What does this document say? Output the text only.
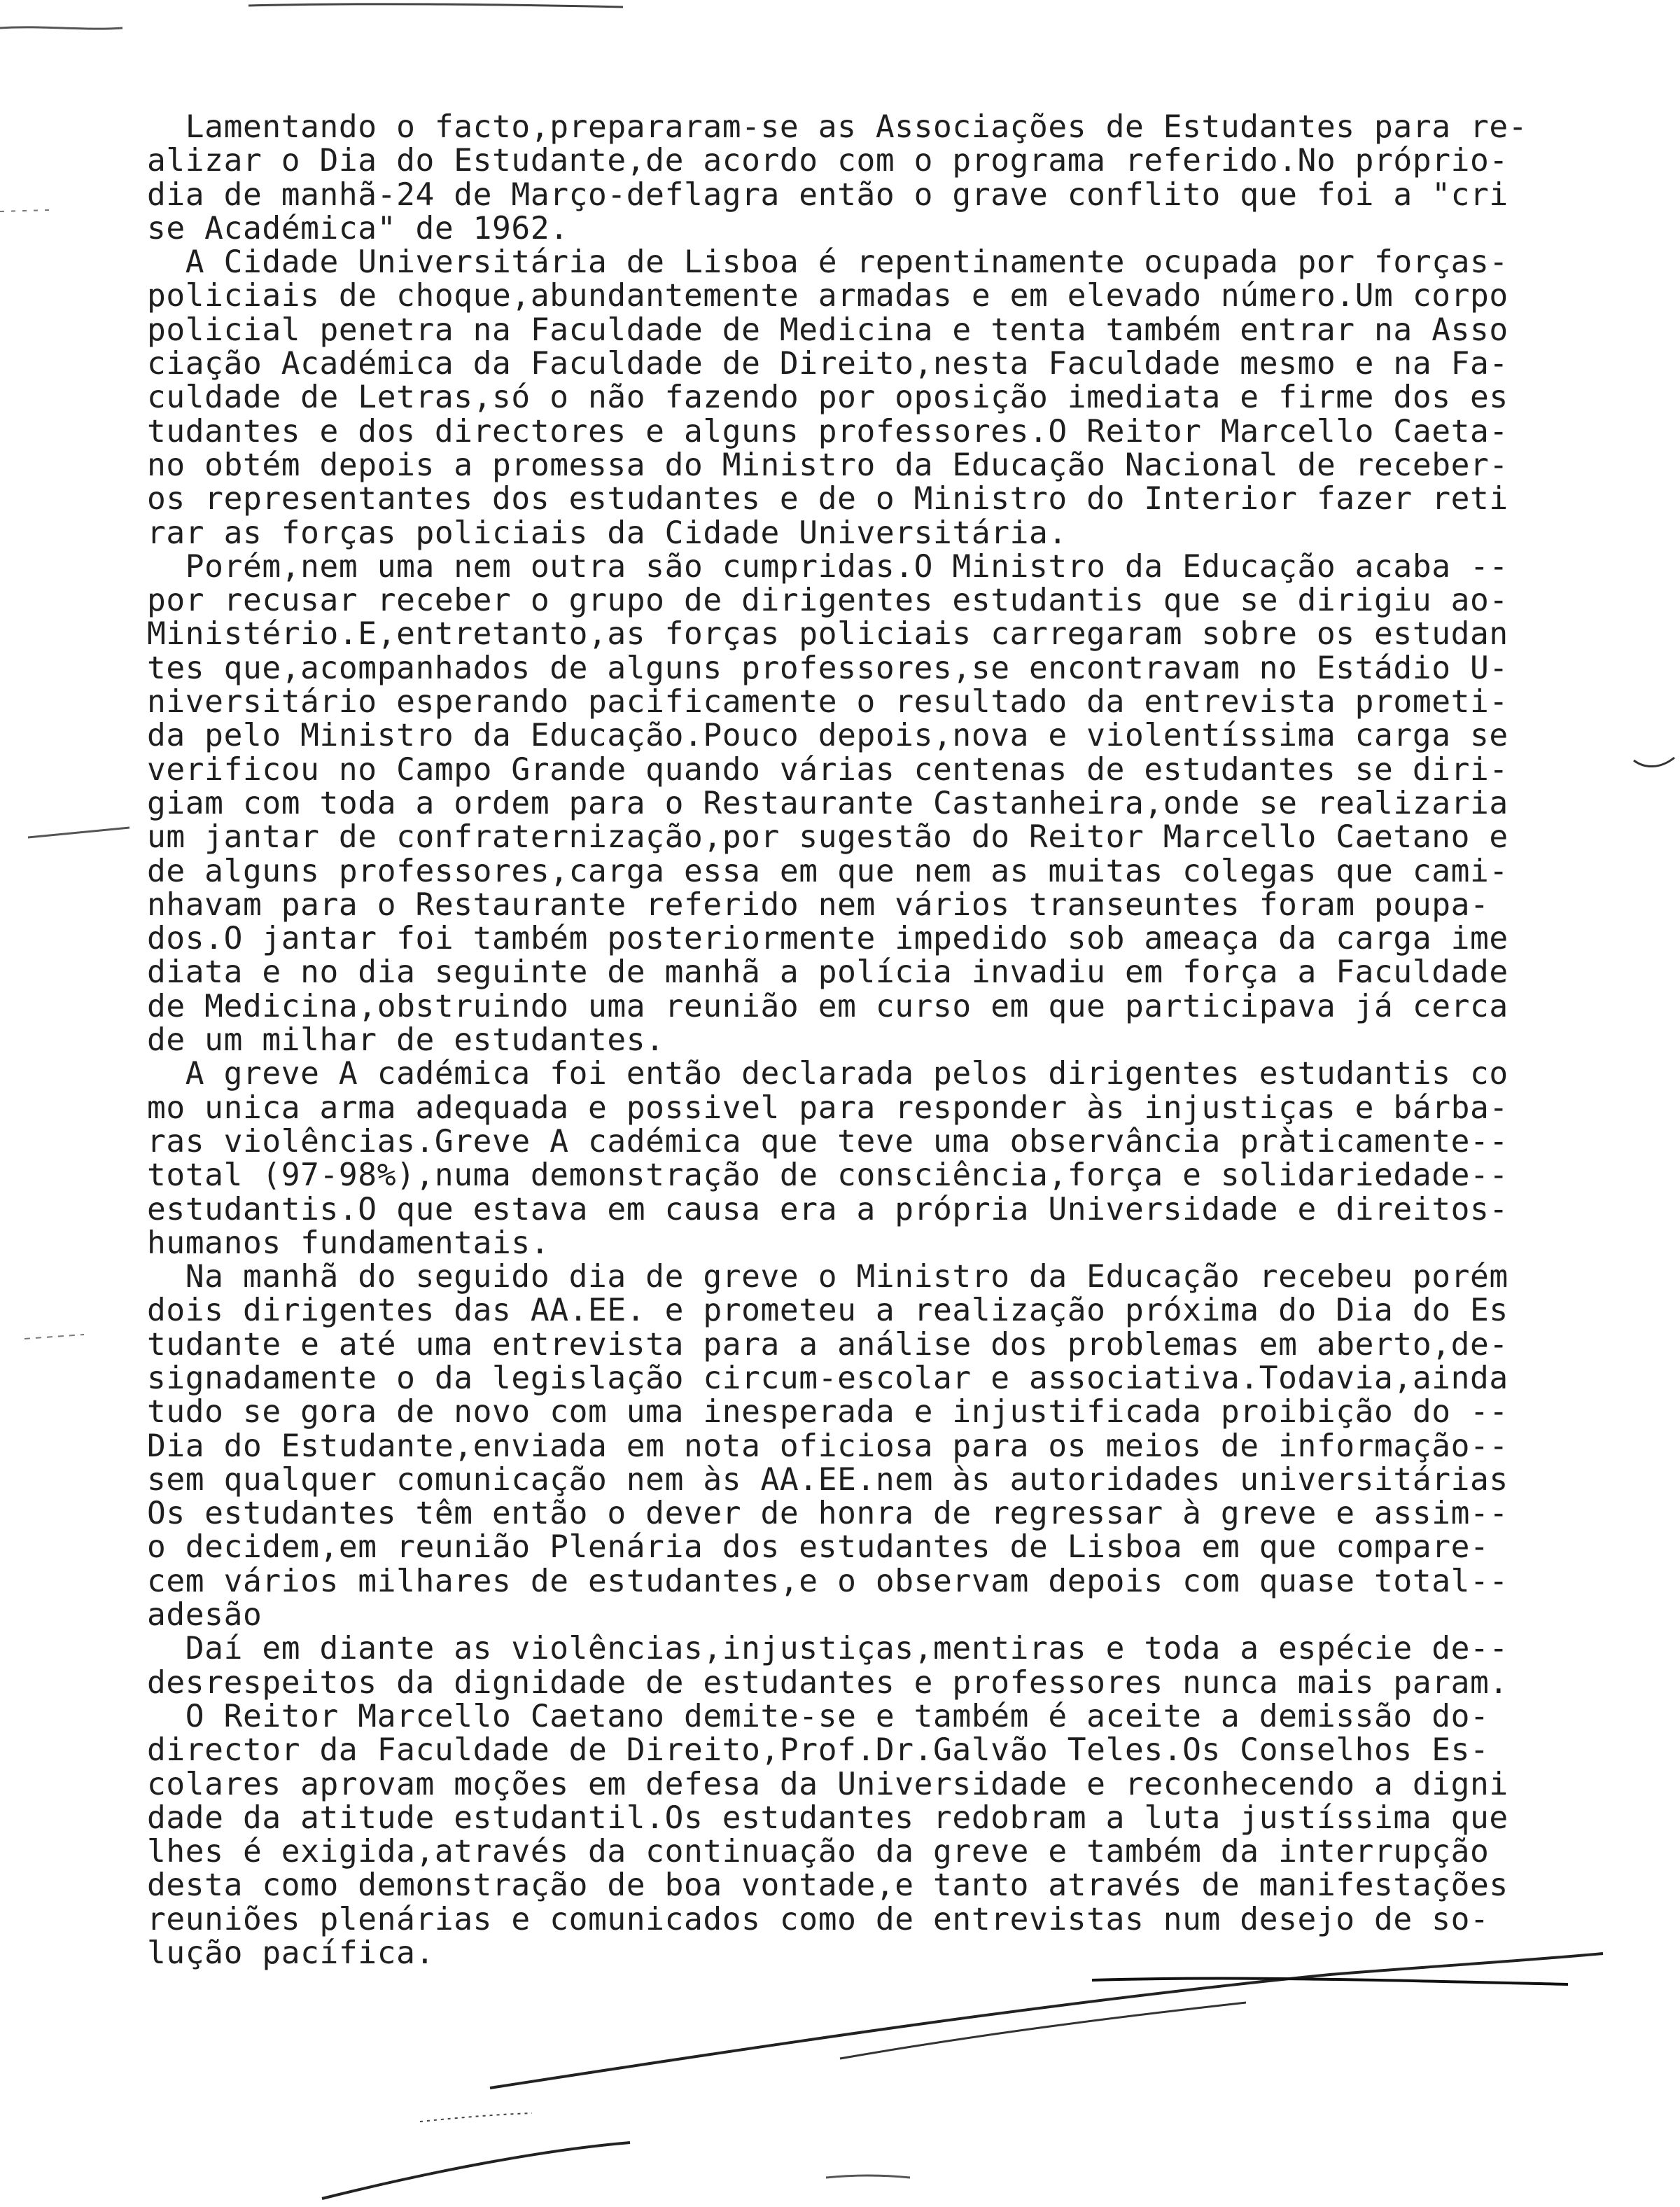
Lamentando o facto,prepararam-se as Associações de Estudantes para re-
alizar o Dia do Estudante,de acordo com o programa referido.No próprio-
dia de manhã-24 de Março-deflagra então o grave conflito que foi a "cri
se Académica" de 1962.
A Cidade Universitária de Lisboa é repentinamente ocupada por forças-
policiais de choque,abundantemente armadas e em elevado número.Um corpo
policial penetra na Faculdade de Medicina e tenta também entrar na Asso
ciação Académica da Faculdade de Direito,nesta Faculdade mesmo e na Fa-
culdade de Letras,só o não fazendo por oposição imediata e firme dos es
tudantes e dos directores e alguns professores.O Reitor Marcello Caeta-
no obtém depois a promessa do Ministro da Educação Nacional de receber-
os representantes dos estudantes e de o Ministro do Interior fazer reti
rar as forças policiais da Cidade Universitária.
Porém,nem uma nem outra são cumpridas.O Ministro da Educação acaba --
por recusar receber o grupo de dirigentes estudantis que se dirigiu ao-
Ministério.E,entretanto,as forças policiais carregaram sobre os estudan
tes que,acompanhados de alguns professores,se encontravam no Estádio U-
niversitário esperando pacificamente o resultado da entrevista prometi-
da pelo Ministro da Educação.Pouco depois,nova e violentíssima carga se
verificou no Campo Grande quando várias centenas de estudantes se diri-
giam com toda a ordem para o Restaurante Castanheira,onde se realizaria
um jantar de confraternização,por sugestão do Reitor Marcello Caetano e
de alguns professores,carga essa em que nem as muitas colegas que cami-
nhavam para o Restaurante referido nem vários transeuntes foram poupa-
dos.O jantar foi também posteriormente impedido sob ameaça da carga ime
diata e no dia seguinte de manhã a polícia invadiu em força a Faculdade
de Medicina,obstruindo uma reunião em curso em que participava já cerca
de um milhar de estudantes.
A greve A cadémica foi então declarada pelos dirigentes estudantis co
mo unica arma adequada e possivel para responder às injustiças e bárba-
ras violências.Greve A cadémica que teve uma observância pràticamente--
total (97-98%),numa demonstração de consciência,força e solidariedade--
estudantis.O que estava em causa era a própria Universidade e direitos-
humanos fundamentais.
Na manhã do seguido dia de greve o Ministro da Educação recebeu porém
dois dirigentes das AA.EE. e prometeu a realização próxima do Dia do Es
tudante e até uma entrevista para a análise dos problemas em aberto,de-
signadamente o da legislação circum-escolar e associativa.Todavia,ainda
tudo se gora de novo com uma inesperada e injustificada proibição do --
Dia do Estudante,enviada em nota oficiosa para os meios de informação--
sem qualquer comunicação nem às AA.EE.nem às autoridades universitárias
Os estudantes têm então o dever de honra de regressar à greve e assim--
o decidem,em reunião Plenária dos estudantes de Lisboa em que compare-
cem vários milhares de estudantes,e o observam depois com quase total--
adesão
Daí em diante as violências,injustiças,mentiras e toda a espécie de--
desrespeitos da dignidade de estudantes e professores nunca mais param.
O Reitor Marcello Caetano demite-se e também é aceite a demissão do-
director da Faculdade de Direito,Prof.Dr.Galvão Teles.Os Conselhos Es-
colares aprovam moções em defesa da Universidade e reconhecendo a digni
dade da atitude estudantil.Os estudantes redobram a luta justíssima que
lhes é exigida,através da continuação da greve e também da interrupção
desta como demonstração de boa vontade,e tanto através de manifestações
reuniões plenárias e comunicados como de entrevistas num desejo de so-
lução pacífica.
